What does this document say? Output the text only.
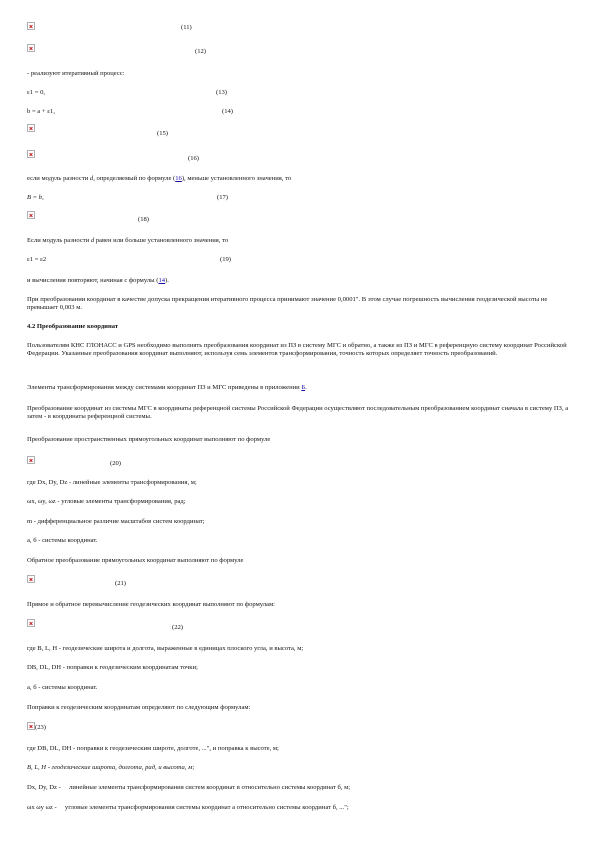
(11)
(12)
- реализуют итеративный процесс:
ε1 = 0,	(13)
b = a + ε1,	(14)
(15)
(16)
если модуль разности d, определяемый по формуле (16), меньше установленного значения, то
B = b,	(17)
(18)
Если модуль разности d равен или больше установленного значения, то
ε1 = ε2	(19)
и вычисления повторяют, начиная с формулы (14).
При преобразовании координат в качестве допуска прекращения итеративного процесса принимают значение 0,0001". В этом случае погрешность вычисления геодезической высоты не превышает 0,003 м.
4.2 Преобразование координат
Пользователям КНС ГЛОНАСС и GPS необходимо выполнять преобразования координат из ПЗ в систему МГС и обратно, а также из ПЗ и МГС в референцную систему координат Российской Федерации. Указанные преобразования координат выполняют, используя семь элементов трансформирования, точность которых определяет точность преобразований.
Элементы трансформирования между системами координат ПЗ и МГС приведены в приложении Б.
Преобразование координат из системы МГС в координаты референцной системы Российской Федерации осуществляют последовательным преобразованием координат сначала в систему ПЗ, а затем - в координаты референцной системы.
Преобразование пространственных прямоугольных координат выполняют по формуле
(20)
где Dx, Dy, Dz - линейные элементы трансформирования, м;
ωx, ωy, ωz - угловые элементы трансформирования, рад;
m - дифференциальное различие масштабов систем координат;
a, б - системы координат.
Обратное преобразование прямоугольных координат выполняют по формуле
(21)
Прямое и обратное перевычисление геодезических координат выполняют по формулам:
(22)
где B, L, H - геодезические широта и долгота, выраженные в единицах плоского угла, и высота, м;
DB, DL, DH - поправки к геодезическим координатам точки;
a, б - системы координат.
Поправки к геодезическим координатам определяют по следующим формулам:
(23)
где DB, DL, DH - поправки к геодезическим широте, долготе, ...", и поправка к высоте, м;
B, L, H - геодезические широта, долгота, рад, и высота, м;
Dx, Dy, Dz -     линейные элементы трансформирования систем координат в относительно системы координат б, м;
ωx ωy ωz -     угловые элементы трансформирования системы координат а относительно системы координат б, ...";
